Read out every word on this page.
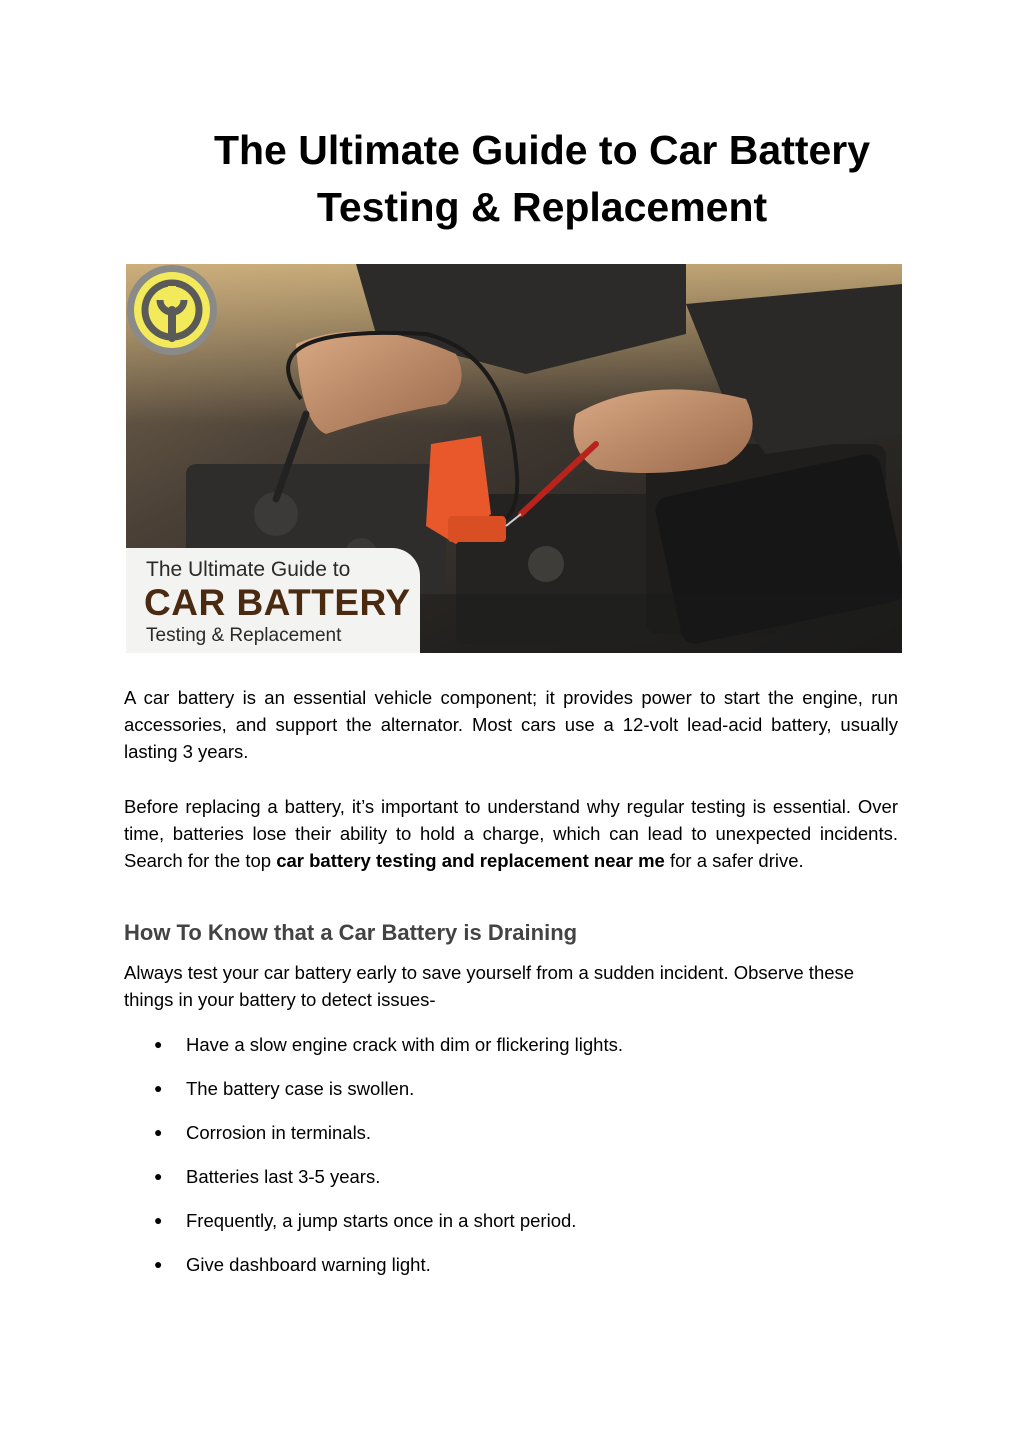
The Ultimate Guide to Car Battery
Testing & Replacement
The Ultimate Guide to
CAR BATTERY
Testing & Replacement

A car battery is an essential vehicle component; it provides power to start the engine, run accessories, and support the alternator. Most cars use a 12-volt lead-acid battery, usually lasting 3 years.

Before replacing a battery, it’s important to understand why regular testing is essential. Over time, batteries lose their ability to hold a charge, which can lead to unexpected incidents. Search for the top car battery testing and replacement near me for a safer drive.

How To Know that a Car Battery is Draining

Always test your car battery early to save yourself from a sudden incident. Observe these things in your battery to detect issues-

● Have a slow engine crack with dim or flickering lights.
● The battery case is swollen.
● Corrosion in terminals.
● Batteries last 3-5 years.
● Frequently, a jump starts once in a short period.
● Give dashboard warning light.
